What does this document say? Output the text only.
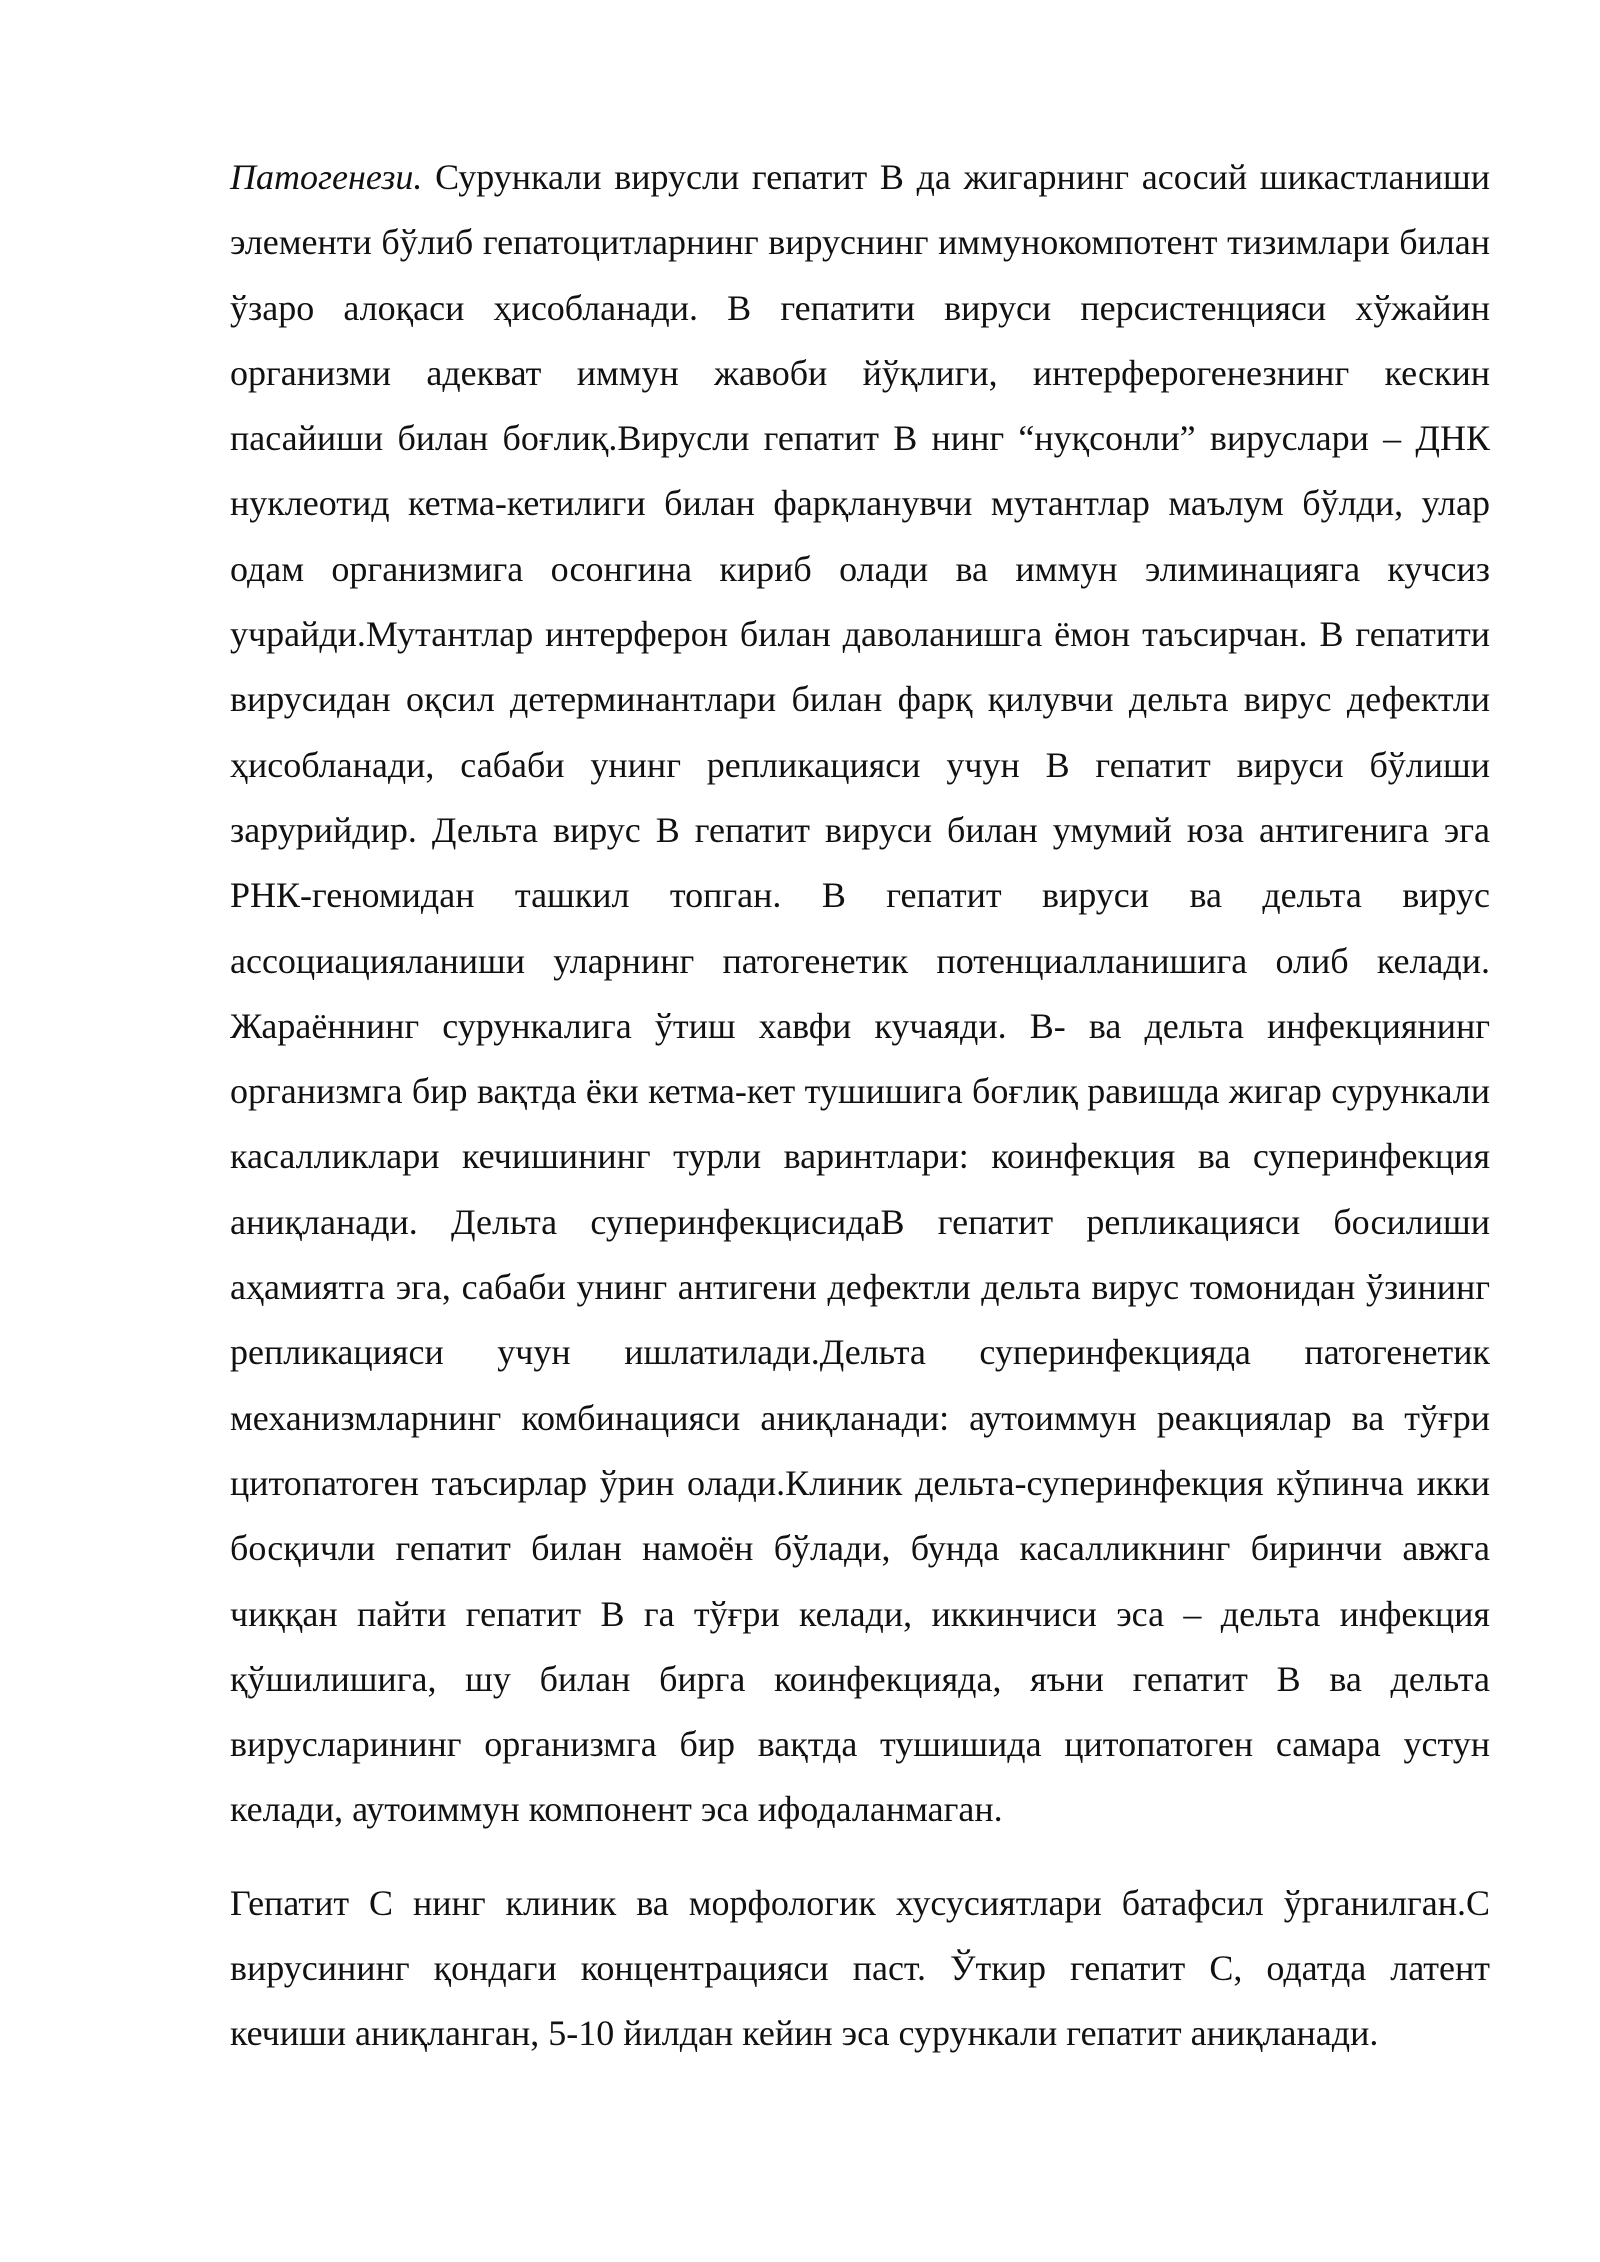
Патогенези. Сурункали вирусли гепатит В да жигарнинг асосий шикастланиши элементи бўлиб гепатоцитларнинг вируснинг иммунокомпотент тизимлари билан ўзаро алоқаси ҳисобланади. В гепатити вируси персистенцияси хўжайин организми адекват иммун жавоби йўқлиги, интерферогенезнинг кескин пасайиши билан боғлиқ.Вирусли гепатит В нинг “нуқсонли” вируслари – ДНК нуклеотид кетма-кетилиги билан фарқланувчи мутантлар маълум бўлди, улар одам организмига осонгина кириб олади ва иммун элиминацияга кучсиз учрайди.Мутантлар интерферон билан даволанишга ёмон таъсирчан. В гепатити вирусидан оқсил детерминантлари билан фарқ қилувчи дельта вирус дефектли ҳисобланади, сабаби унинг репликацияси учун В гепатит вируси бўлиши зарурийдир. Дельта вирус В гепатит вируси билан умумий юза антигенига эга РНК-геномидан ташкил топган. В гепатит вируси ва дельта вирус ассоциацияланиши уларнинг патогенетик потенциалланишига олиб келади. Жараённинг сурункалига ўтиш хавфи кучаяди. В- ва дельта инфекциянинг организмга бир вақтда ёки кетма-кет тушишига боғлиқ равишда жигар сурункали касалликлари кечишининг турли варинтлари: коинфекция ва суперинфекция аниқланади. Дельта суперинфекцисидаВ гепатит репликацияси босилиши аҳамиятга эга, сабаби унинг антигени дефектли дельта вирус томонидан ўзининг репликацияси учун ишлатилади.Дельта суперинфекцияда патогенетик механизмларнинг комбинацияси аниқланади: аутоиммун реакциялар ва тўғри цитопатоген таъсирлар ўрин олади.Клиник дельта-суперинфекция кўпинча икки босқичли гепатит билан намоён бўлади, бунда касалликнинг биринчи авжга чиққан пайти гепатит В га тўғри келади, иккинчиси эса – дельта инфекция қўшилишига, шу билан бирга коинфекцияда, яъни гепатит В ва дельта вирусларининг организмга бир вақтда тушишида цитопатоген самара устун келади, аутоиммун компонент эса ифодаланмаган.

Гепатит С нинг клиник ва морфологик хусусиятлари батафсил ўрганилган.С вирусининг қондаги концентрацияси паст. Ўткир гепатит С, одатда латент кечиши аниқланган, 5-10 йилдан кейин эса сурункали гепатит аниқланади.
